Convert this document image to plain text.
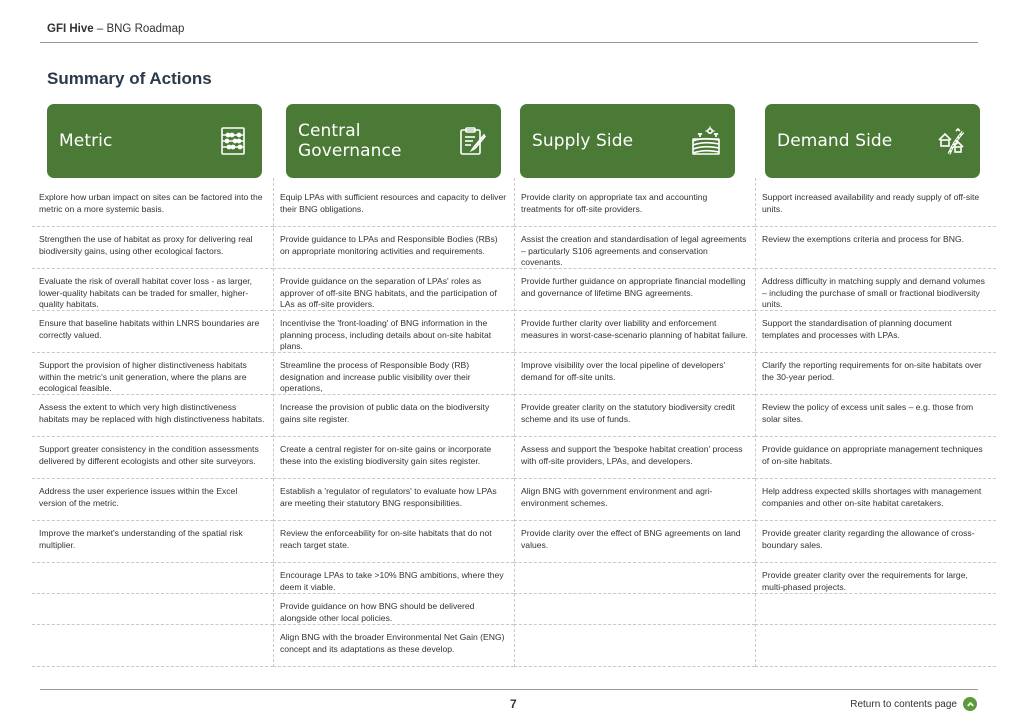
GFI Hive – BNG Roadmap
Summary of Actions
Metric
Explore how urban impact on sites can be factored into the metric on a more systemic basis.
Strengthen the use of habitat as proxy for delivering real biodiversity gains, using other ecological factors.
Evaluate the risk of overall habitat cover loss - as larger, lower-quality habitats can be traded for smaller, higher-quality habitats.
Ensure that baseline habitats within LNRS boundaries are correctly valued.
Support the provision of higher distinctiveness habitats within the metric's unit generation, where the plans are ecological feasible.
Assess the extent to which very high distinctiveness habitats may be replaced with high distinctiveness habitats.
Support greater consistency in the condition assessments delivered by different ecologists and other site surveyors.
Address the user experience issues within the Excel version of the metric.
Improve the market's understanding of the spatial risk multiplier.
Central Governance
Equip LPAs with sufficient resources and capacity to deliver their BNG obligations.
Provide guidance to LPAs and Responsible Bodies (RBs) on appropriate monitoring activities and requirements.
Provide guidance on the separation of LPAs' roles as approver of off-site BNG habitats, and the participation of LAs as off-site providers.
Incentivise the 'front-loading' of BNG information in the planning process, including details about on-site habitat plans.
Streamline the process of Responsible Body (RB) designation and increase public visibility over their operations,
Increase the provision of public data on the biodiversity gains site register.
Create a central register for on-site gains or incorporate these into the existing biodiversity gain sites register.
Establish a 'regulator of regulators' to evaluate how LPAs are meeting their statutory BNG responsibilities.
Review the enforceability for on-site habitats that do not reach target state.
Encourage LPAs to take >10% BNG ambitions, where they deem it viable.
Provide guidance on how BNG should be delivered alongside other local policies.
Align BNG with the broader Environmental Net Gain (ENG) concept and its adaptations as these develop.
Supply Side
Provide clarity on appropriate tax and accounting treatments for off-site providers.
Assist the creation and standardisation of legal agreements – particularly S106 agreements and conservation covenants.
Provide further guidance on appropriate financial modelling and governance of lifetime BNG agreements.
Provide further clarity over liability and enforcement measures in worst-case-scenario planning of habitat failure.
Improve visibility over the local pipeline of developers' demand for off-site units.
Provide greater clarity on the statutory biodiversity credit scheme and its use of funds.
Assess and support the 'bespoke habitat creation' process with off-site providers, LPAs, and developers.
Align BNG with government environment and agri-environment schemes.
Provide clarity over the effect of BNG agreements on land values.
Demand Side
Support increased availability and ready supply of off-site units.
Review the exemptions criteria and process for BNG.
Address difficulty in matching supply and demand volumes – including the purchase of small or fractional biodiversity units.
Support the standardisation of planning document templates and processes with LPAs.
Clarify the reporting requirements for on-site habitats over the 30-year period.
Review the policy of excess unit sales – e.g. those from solar sites.
Provide guidance on appropriate management techniques of on-site habitats.
Help address expected skills shortages with management companies and other on-site habitat caretakers.
Provide greater clarity regarding the allowance of cross-boundary sales.
Provide greater clarity over the requirements for large, multi-phased projects.
7	Return to contents page
